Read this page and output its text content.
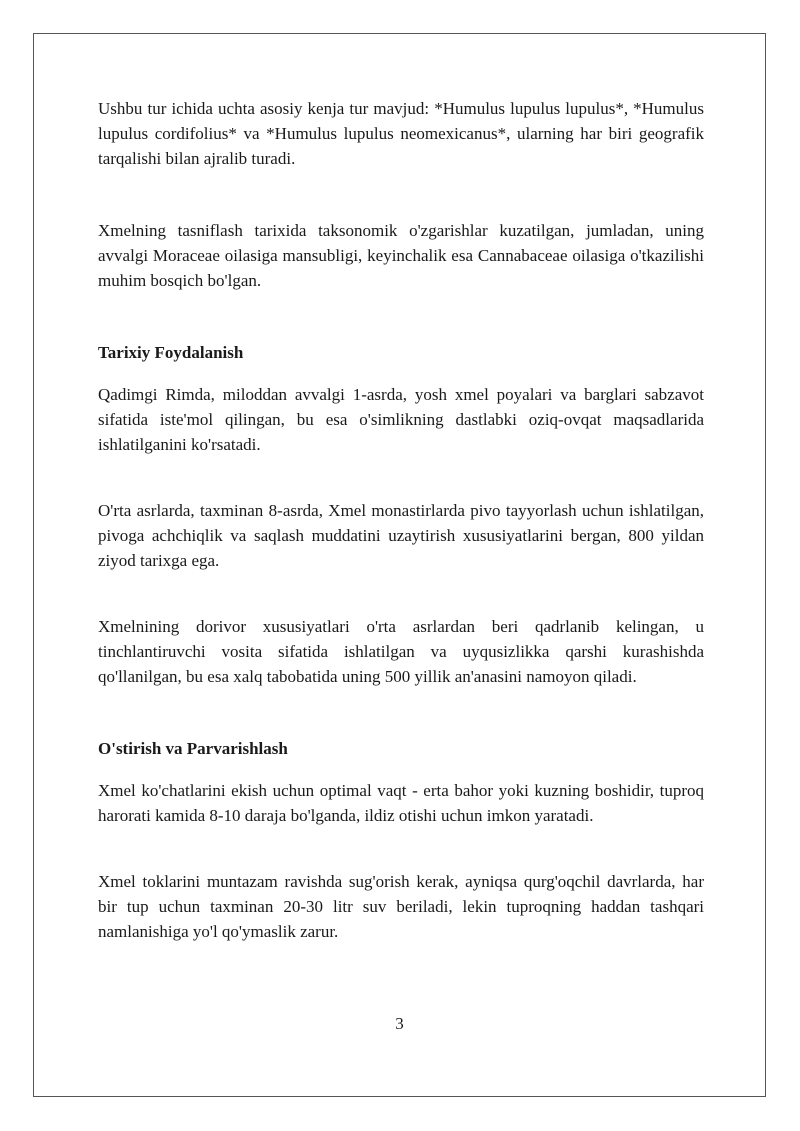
Ushbu tur ichida uchta asosiy kenja tur mavjud: *Humulus lupulus lupulus*, *Humulus lupulus cordifolius* va *Humulus lupulus neomexicanus*, ularning har biri geografik tarqalishi bilan ajralib turadi.

Xmelning tasniflash tarixida taksonomik o'zgarishlar kuzatilgan, jumladan, uning avvalgi Moraceae oilasiga mansubligi, keyinchalik esa Cannabaceae oilasiga o'tkazilishi muhim bosqich bo'lgan.

Tarixiy Foydalanish

Qadimgi Rimda, miloddan avvalgi 1-asrda, yosh xmel poyalari va barglari sabzavot sifatida iste'mol qilingan, bu esa o'simlikning dastlabki oziq-ovqat maqsadlarida ishlatilganini ko'rsatadi.

O'rta asrlarda, taxminan 8-asrda, Xmel monastirlarda pivo tayyorlash uchun ishlatilgan, pivoga achchiqlik va saqlash muddatini uzaytirish xususiyatlarini bergan, 800 yildan ziyod tarixga ega.

Xmelnining dorivor xususiyatlari o'rta asrlardan beri qadrlanib kelingan, u tinchlantiruvchi vosita sifatida ishlatilgan va uyqusizlikka qarshi kurashishda qo'llanilgan, bu esa xalq tabobatida uning 500 yillik an'anasini namoyon qiladi.

O'stirish va Parvarishlash

Xmel ko'chatlarini ekish uchun optimal vaqt - erta bahor yoki kuzning boshidir, tuproq harorati kamida 8-10 daraja bo'lganda, ildiz otishi uchun imkon yaratadi.

Xmel toklarini muntazam ravishda sug'orish kerak, ayniqsa qurg'oqchil davrlarda, har bir tup uchun taxminan 20-30 litr suv beriladi, lekin tuproqning haddan tashqari namlanishiga yo'l qo'ymaslik zarur.

3
